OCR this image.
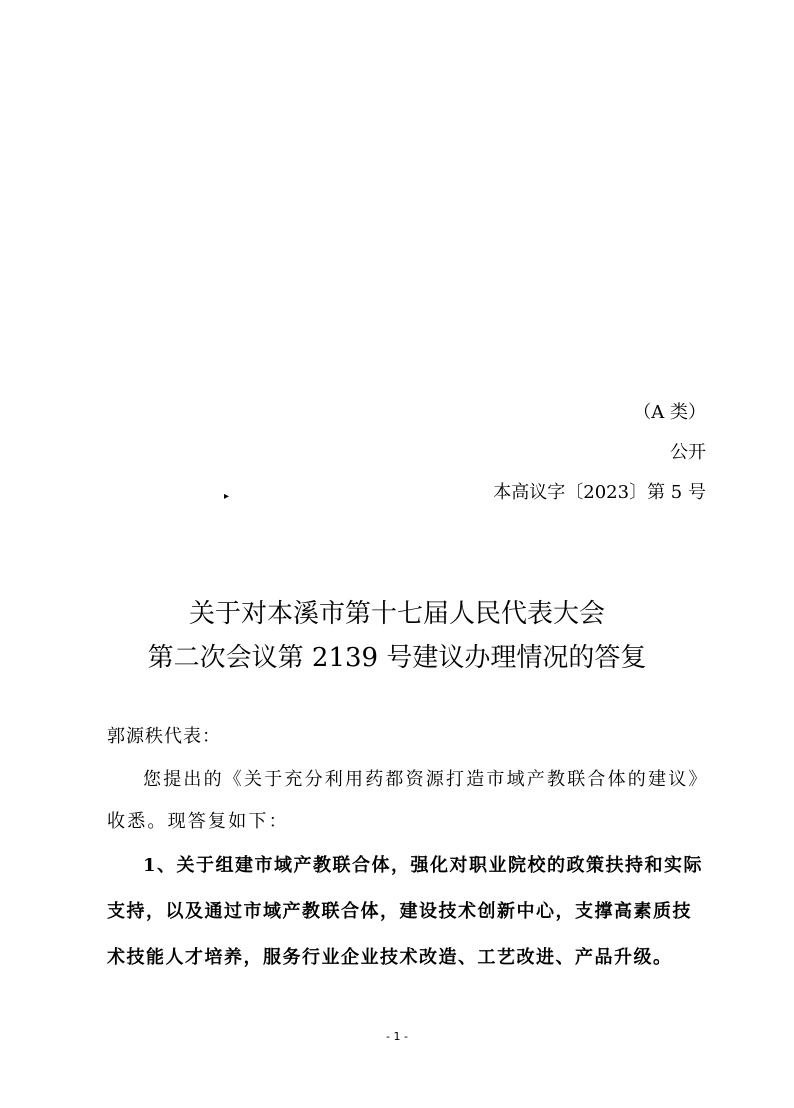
（A 类）
公开
本高议字〔2023〕第 5 号
▸
关于对本溪市第十七届人民代表大会
第二次会议第 2139 号建议办理情况的答复
郭源秩代表：
您提出的《关于充分利用药都资源打造市域产教联合体的建议》收悉。现答复如下：
1、关于组建市域产教联合体，强化对职业院校的政策扶持和实际支持，以及通过市域产教联合体，建设技术创新中心，支撑高素质技术技能人才培养，服务行业企业技术改造、工艺改进、产品升级。
- 1 -
